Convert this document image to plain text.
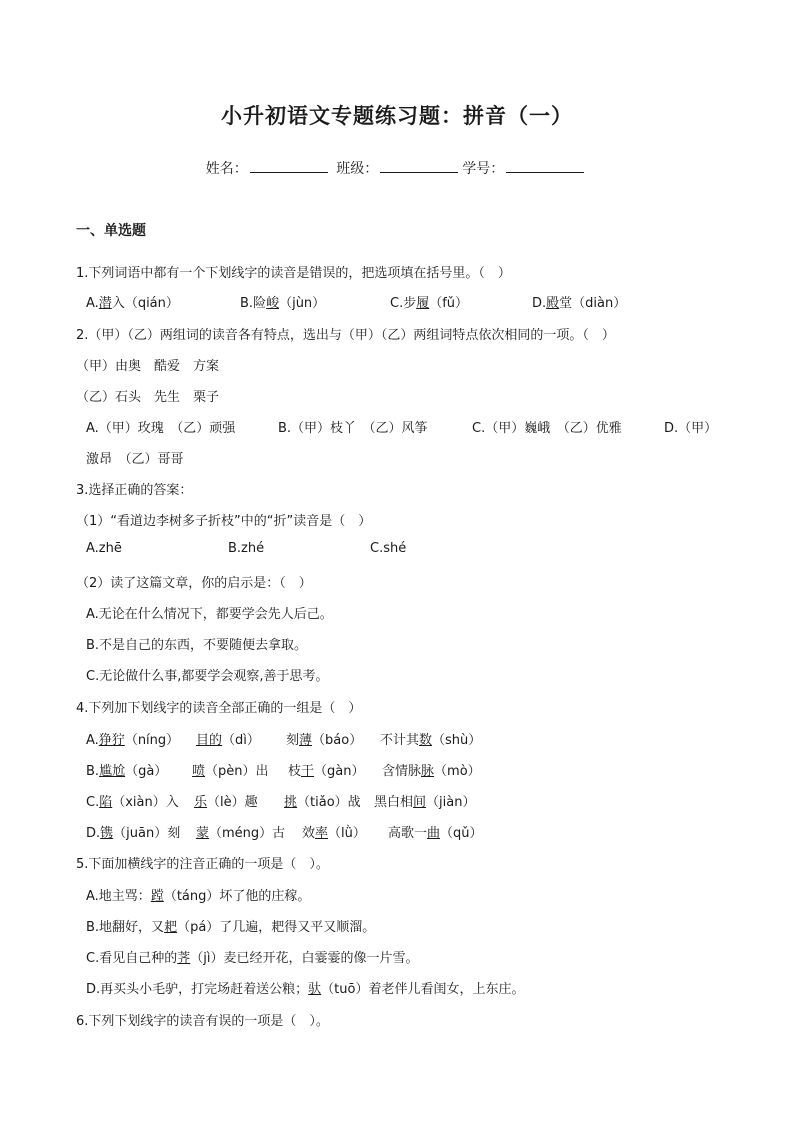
小升初语文专题练习题：拼音（一）
姓名：	班级：	学号：
一、单选题
1.下列词语中都有一个下划线字的读音是错误的，把选项填在括号里。（　）
A.潜入（qián）	B.险峻（jùn）	C.步履（fǔ）	D.殿堂（diàn）
2.（甲）（乙）两组词的读音各有特点，选出与（甲）（乙）两组词特点依次相同的一项。（　）
（甲）由奥　酷爱　方案
（乙）石头　先生　栗子
A.（甲）玫瑰　（乙）顽强	B.（甲）枝丫　（乙）风筝	C.（甲）巍峨　（乙）优雅	D.（甲）
激昂　（乙）哥哥
3.选择正确的答案：
（1）“看道边李树多子折枝”中的“折”读音是（　）
A.zhē	B.zhé	C.shé
（2）读了这篇文章，你的启示是：（　）
A.无论在什么情况下，都要学会先人后己。
B.不是自己的东西，不要随便去拿取。
C.无论做什么事,都要学会观察,善于思考。
4.下列加下划线字的读音全部正确的一组是（　）
A.狰狞（níng） 目的（dì） 刻薄（báo） 不计其数（shù）
B.尴尬（gà） 喷（pèn）出 枝干（gàn） 含情脉脉（mò）
C.陷（xiàn）入 乐（lè）趣 挑（tiǎo）战 黑白相间（jiàn）
D.镌（juān）刻 蒙（méng）古 效率（lǜ） 高歌一曲（qǔ）
5.下面加横线字的注音正确的一项是（　）。
A.地主骂：蹚（táng）坏了他的庄稼。
B.地翻好，又耙（pá）了几遍，耙得又平又顺溜。
C.看见自己种的荠（jì）麦已经开花，白霎霎的像一片雪。
D.再买头小毛驴，打完场赶着送公粮；驮（tuō）着老伴儿看闺女，上东庄。
6.下列下划线字的读音有误的一项是（　）。
